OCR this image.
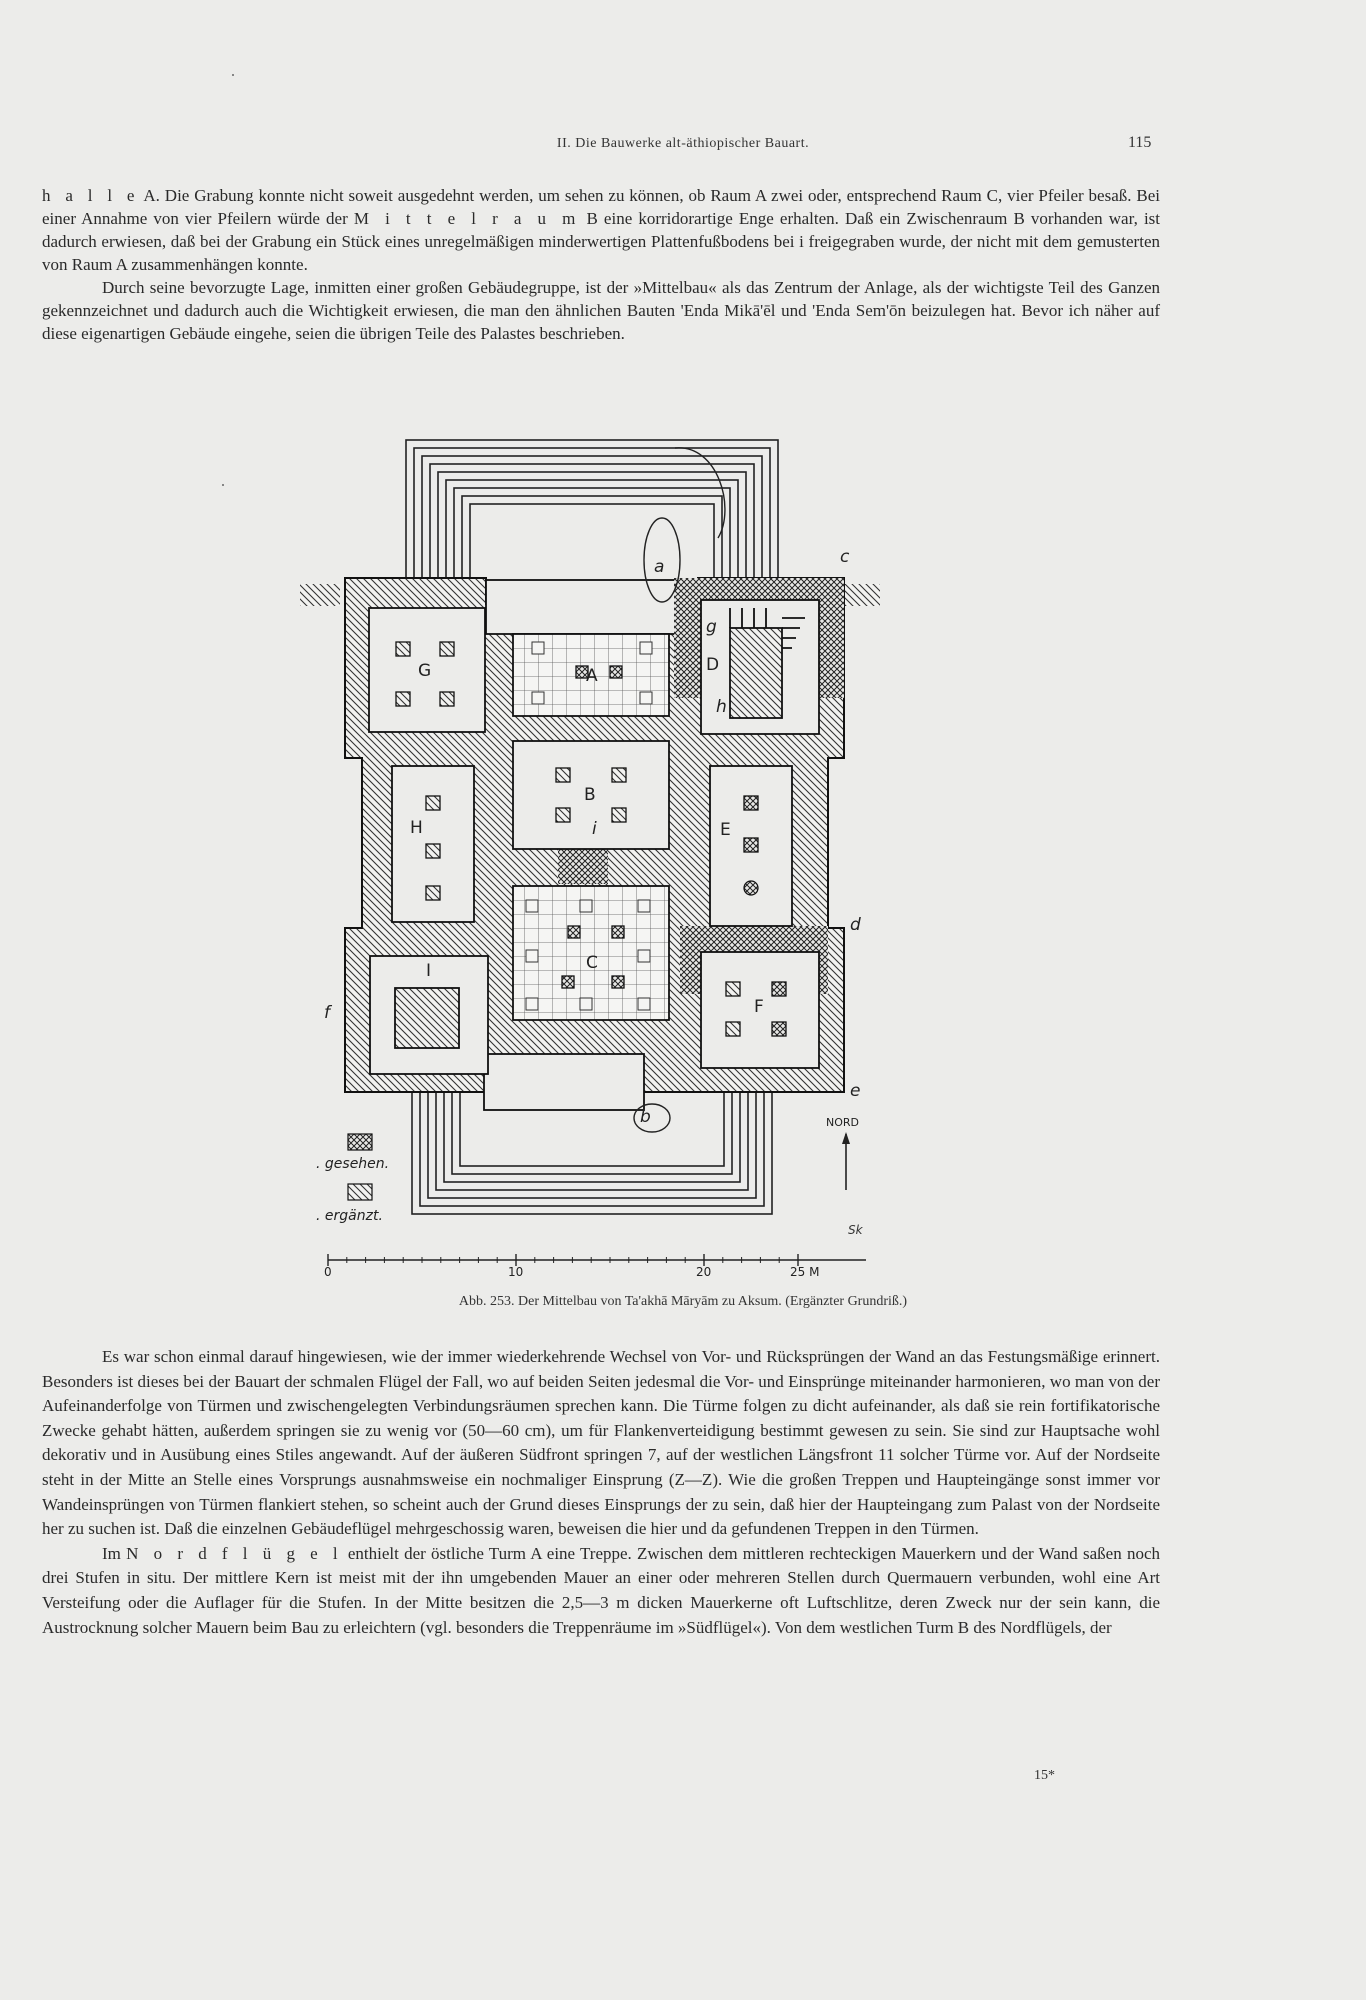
II. Die Bauwerke alt-äthiopischer Bauart.	115

h a l l e A. Die Grabung konnte nicht soweit ausgedehnt werden, um sehen zu können, ob Raum A zwei oder, entsprechend Raum C, vier Pfeiler besaß. Bei einer Annahme von vier Pfeilern würde der M i t t e l r a u m B eine korridorartige Enge erhalten. Daß ein Zwischenraum B vorhanden war, ist dadurch erwiesen, daß bei der Grabung ein Stück eines unregelmäßigen minderwertigen Plattenfußbodens bei i freigegraben wurde, der nicht mit dem gemusterten von Raum A zusammenhängen konnte.

Durch seine bevorzugte Lage, inmitten einer großen Gebäudegruppe, ist der »Mittelbau« als das Zentrum der Anlage, als der wichtigste Teil des Ganzen gekennzeichnet und dadurch auch die Wichtigkeit erwiesen, die man den ähnlichen Bauten 'Enda Mikā'ēl und 'Enda Sem'ōn beizulegen hat. Bevor ich näher auf diese eigenartigen Gebäude eingehe, seien die übrigen Teile des Palastes beschrieben.

G	A
D
B
H	E
C
I
F
a
b
c
d
e
f
g
h
i
. gesehen.
. ergänzt.
NORD
Sk
0	10	20	25 M
Abb. 253. Der Mittelbau von Ta'akhā Māryām zu Aksum. (Ergänzter Grundriß.)

Es war schon einmal darauf hingewiesen, wie der immer wiederkehrende Wechsel von Vor- und Rücksprüngen der Wand an das Festungsmäßige erinnert. Besonders ist dieses bei der Bauart der schmalen Flügel der Fall, wo auf beiden Seiten jedesmal die Vor- und Einsprünge miteinander harmonieren, wo man von der Aufeinanderfolge von Türmen und zwischengelegten Verbindungsräumen sprechen kann. Die Türme folgen zu dicht aufeinander, als daß sie rein fortifikatorische Zwecke gehabt hätten, außerdem springen sie zu wenig vor (50—60 cm), um für Flankenverteidigung bestimmt gewesen zu sein. Sie sind zur Hauptsache wohl dekorativ und in Ausübung eines Stiles angewandt. Auf der äußeren Südfront springen 7, auf der westlichen Längsfront 11 solcher Türme vor. Auf der Nordseite steht in der Mitte an Stelle eines Vorsprungs ausnahmsweise ein nochmaliger Einsprung (Z—Z). Wie die großen Treppen und Haupteingänge sonst immer vor Wandeinsprüngen von Türmen flankiert stehen, so scheint auch der Grund dieses Einsprungs der zu sein, daß hier der Haupteingang zum Palast von der Nordseite her zu suchen ist. Daß die einzelnen Gebäudeflügel mehrgeschossig waren, beweisen die hier und da gefundenen Treppen in den Türmen.

Im N o r d f l ü g e l enthielt der östliche Turm A eine Treppe. Zwischen dem mittleren rechteckigen Mauerkern und der Wand saßen noch drei Stufen in situ. Der mittlere Kern ist meist mit der ihn umgebenden Mauer an einer oder mehreren Stellen durch Quermauern verbunden, wohl eine Art Versteifung oder die Auflager für die Stufen. In der Mitte besitzen die 2,5—3 m dicken Mauerkerne oft Luftschlitze, deren Zweck nur der sein kann, die Austrocknung solcher Mauern beim Bau zu erleichtern (vgl. besonders die Treppenräume im »Südflügel«). Von dem westlichen Turm B des Nordflügels, der

15*
